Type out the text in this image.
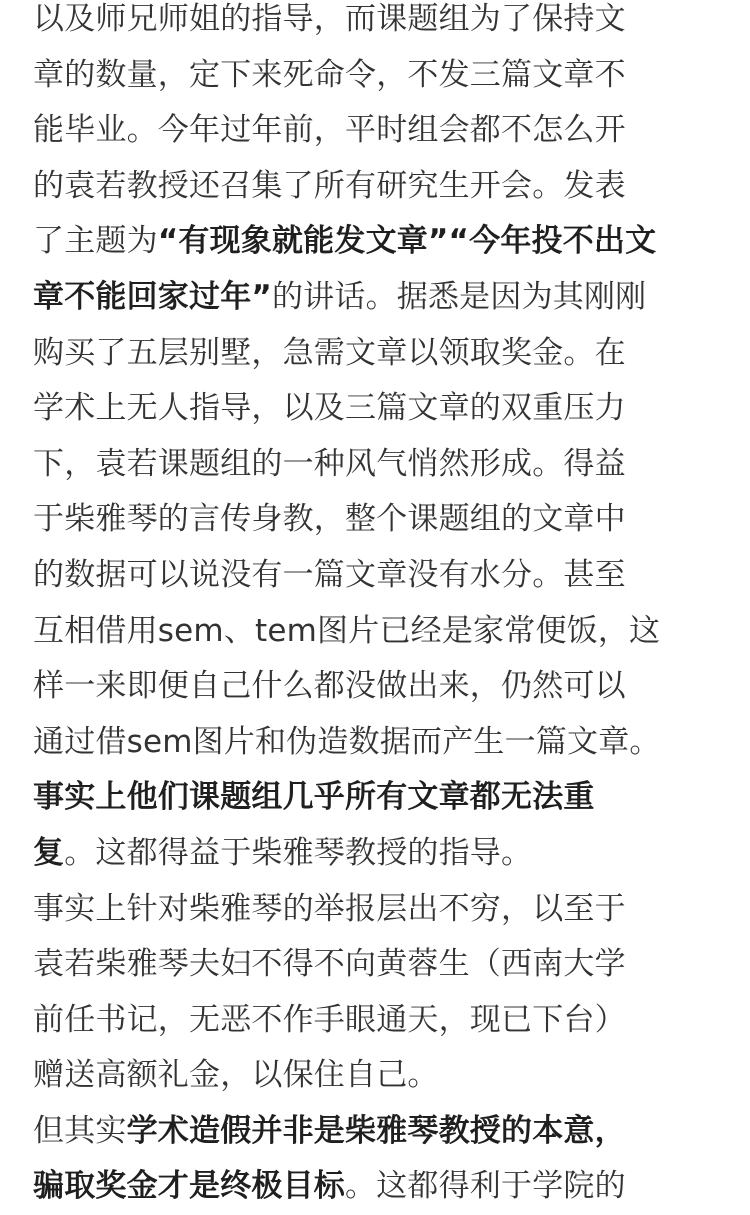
以及师兄师姐的指导，而课题组为了保持文
章的数量，定下来死命令，不发三篇文章不
能毕业。今年过年前，平时组会都不怎么开
的袁若教授还召集了所有研究生开会。发表
了主题为“有现象就能发文章”“今年投不出文
章不能回家过年”的讲话。据悉是因为其刚刚
购买了五层别墅，急需文章以领取奖金。在
学术上无人指导，以及三篇文章的双重压力
下，袁若课题组的一种风气悄然形成。得益
于柴雅琴的言传身教，整个课题组的文章中
的数据可以说没有一篇文章没有水分。甚至
互相借用sem、tem图片已经是家常便饭，这
样一来即便自己什么都没做出来，仍然可以
通过借sem图片和伪造数据而产生一篇文章。
事实上他们课题组几乎所有文章都无法重
复。这都得益于柴雅琴教授的指导。

事实上针对柴雅琴的举报层出不穷，以至于
袁若柴雅琴夫妇不得不向黄蓉生（西南大学
前任书记，无恶不作手眼通天，现已下台）
赠送高额礼金，以保住自己。

但其实学术造假并非是柴雅琴教授的本意，
骗取奖金才是终极目标。这都得利于学院的
